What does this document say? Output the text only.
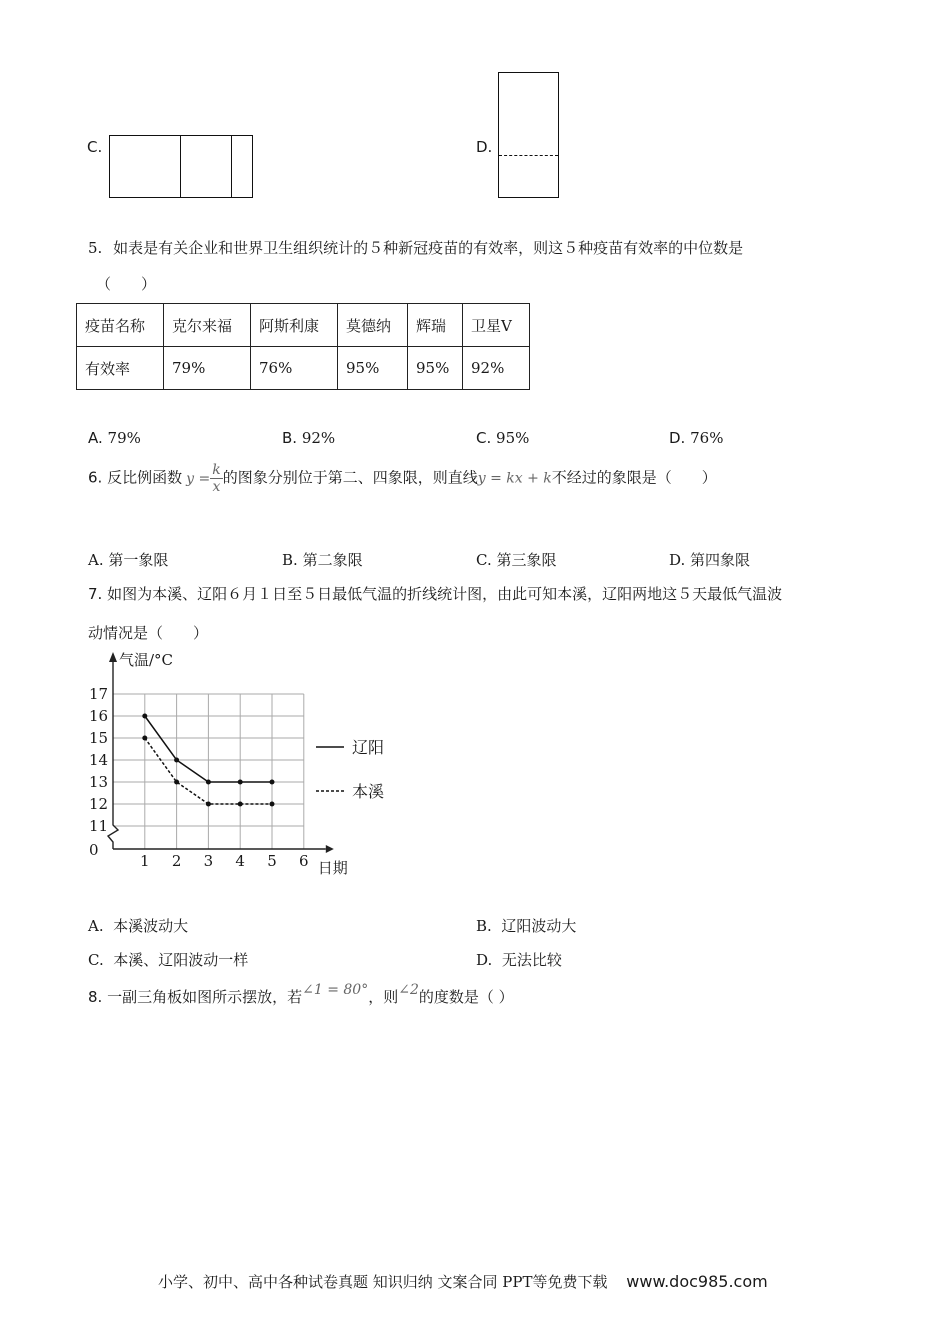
C.	D.
5. 如表是有关企业和世界卫生组织统计的５种新冠疫苗的有效率，则这５种疫苗有效率的中位数是
（　　）
疫苗名称	克尔来福	阿斯利康	莫德纳	辉瑞	卫星V
有效率	79%	76%	95%	95%	92%
A. 79%	B. 92%	C. 95%	D. 76%
6. 反比例函数 $y = \frac{k}{x}$ 的图象分别位于第二、四象限，则直线y = kx + k不经过的象限是（　　）
A. 第一象限	B. 第二象限	C. 第三象限	D. 第四象限
7. 如图为本溪、辽阳６月１日至５日最低气温的折线统计图，由此可知本溪，辽阳两地这５天最低气温波
动情况是（　　）
气温/°C
日期
17
16
15
14
13
12
11
0
1 2 3 4 5 6
辽阳
本溪
A. 本溪波动大	B. 辽阳波动大
C. 本溪、辽阳波动一样	D. 无法比较
8. 一副三角板如图所示摆放，若∠1 = 80°，则∠2的度数是（ ）
小学、初中、高中各种试卷真题 知识归纳 文案合同 PPT等免费下载 www.doc985.com
